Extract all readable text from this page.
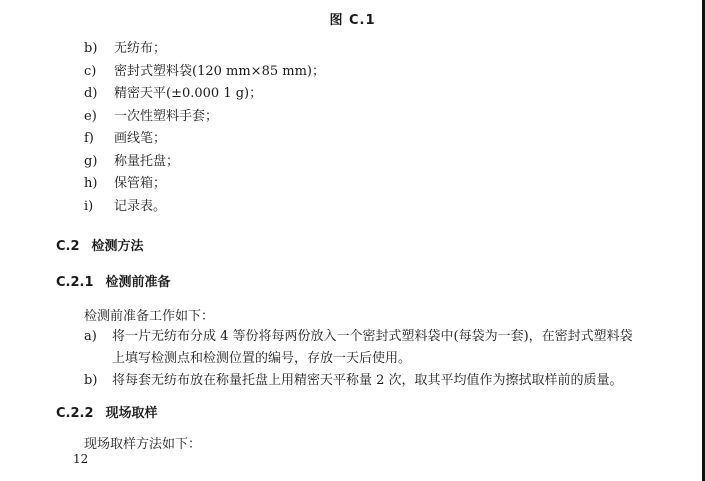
图 C.1
b) 无纺布；
c) 密封式塑料袋(120 mm×85 mm)；
d) 精密天平(±0.000 1 g)；
e) 一次性塑料手套；
f) 画线笔；
g) 称量托盘；
h) 保管箱；
i) 记录表。
C.2 检测方法
C.2.1 检测前准备
检测前准备工作如下：
a) 将一片无纺布分成 4 等份将每两份放入一个密封式塑料袋中(每袋为一套)，在密封式塑料袋
上填写检测点和检测位置的编号，存放一天后使用。
b) 将每套无纺布放在称量托盘上用精密天平称量 2 次，取其平均值作为擦拭取样前的质量。
C.2.2 现场取样
现场取样方法如下：
12
